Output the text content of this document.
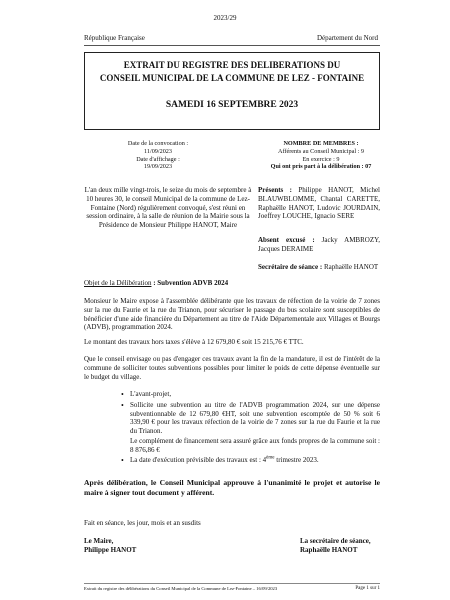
2023/29
République Française	Département du Nord
EXTRAIT DU REGISTRE DES DELIBERATIONS DU
CONSEIL MUNICIPAL DE LA COMMUNE DE LEZ - FONTAINE
SAMEDI 16 SEPTEMBRE 2023
Date de la convocation :
11/09/2023
Date d'affichage :
19/09/2023
NOMBRE DE MEMBRES :
Afférents au Conseil Municipal : 9
En exercice : 9
Qui ont pris part à la délibération : 07
L'an deux mille vingt-trois, le seize du mois de septembre à 10 heures 30, le conseil Municipal de la commune de Lez-Fontaine (Nord) régulièrement convoqué, s'est réuni en session ordinaire, à la salle de réunion de la Mairie sous la Présidence de Monsieur Philippe HANOT, Maire
Présents : Philippe HANOT, Michel BLAUWBLOMME, Chantal CARETTE, Raphaëlle HANOT, Ludovic JOURDAIN, Joeffrey LOUCHE, Ignacio SERE
Absent excusé : Jacky AMBROZY, Jacques DERAIME
Secrétaire de séance : Raphaëlle HANOT
Objet de la Délibération : Subvention ADVB 2024
Monsieur le Maire expose à l'assemblée délibérante que les travaux de réfection de la voirie de 7 zones sur la rue du Faurie et la rue du Trianon, pour sécuriser le passage du bus scolaire sont susceptibles de bénéficier d'une aide financière du Département au titre de l'Aide Départementale aux Villages et Bourgs (ADVB), programmation 2024.
Le montant des travaux hors taxes s'élève à 12 679,80 € soit 15 215,76 € TTC.
Que le conseil envisage ou pas d'engager ces travaux avant la fin de la mandature, il est de l'intérêt de la commune de solliciter toutes subventions possibles pour limiter le poids de cette dépense éventuelle sur le budget du village.
• L'avant-projet,
• Sollicite une subvention au titre de l'ADVB programmation 2024, sur une dépense subventionnable de 12 679,80 €HT, soit une subvention escomptée de 50 % soit 6 339,90 € pour les travaux réfection de la voirie de 7 zones sur la rue du Faurie et la rue du Trianon.
Le complément de financement sera assuré grâce aux fonds propres de la commune soit : 8 876,86 €
• La date d'exécution prévisible des travaux est : 4ème trimestre 2023.
Après délibération, le Conseil Municipal approuve à l'unanimité le projet et autorise le maire à signer tout document y afférent.
Fait en séance, les jour, mois et an susdits
Le Maire,
Philippe HANOT
La secrétaire de séance,
Raphaëlle HANOT
Extrait du registre des délibérations du Conseil Municipal de la Commune de Lez-Fontaine – 16/09/2023	Page 1 sur 1
